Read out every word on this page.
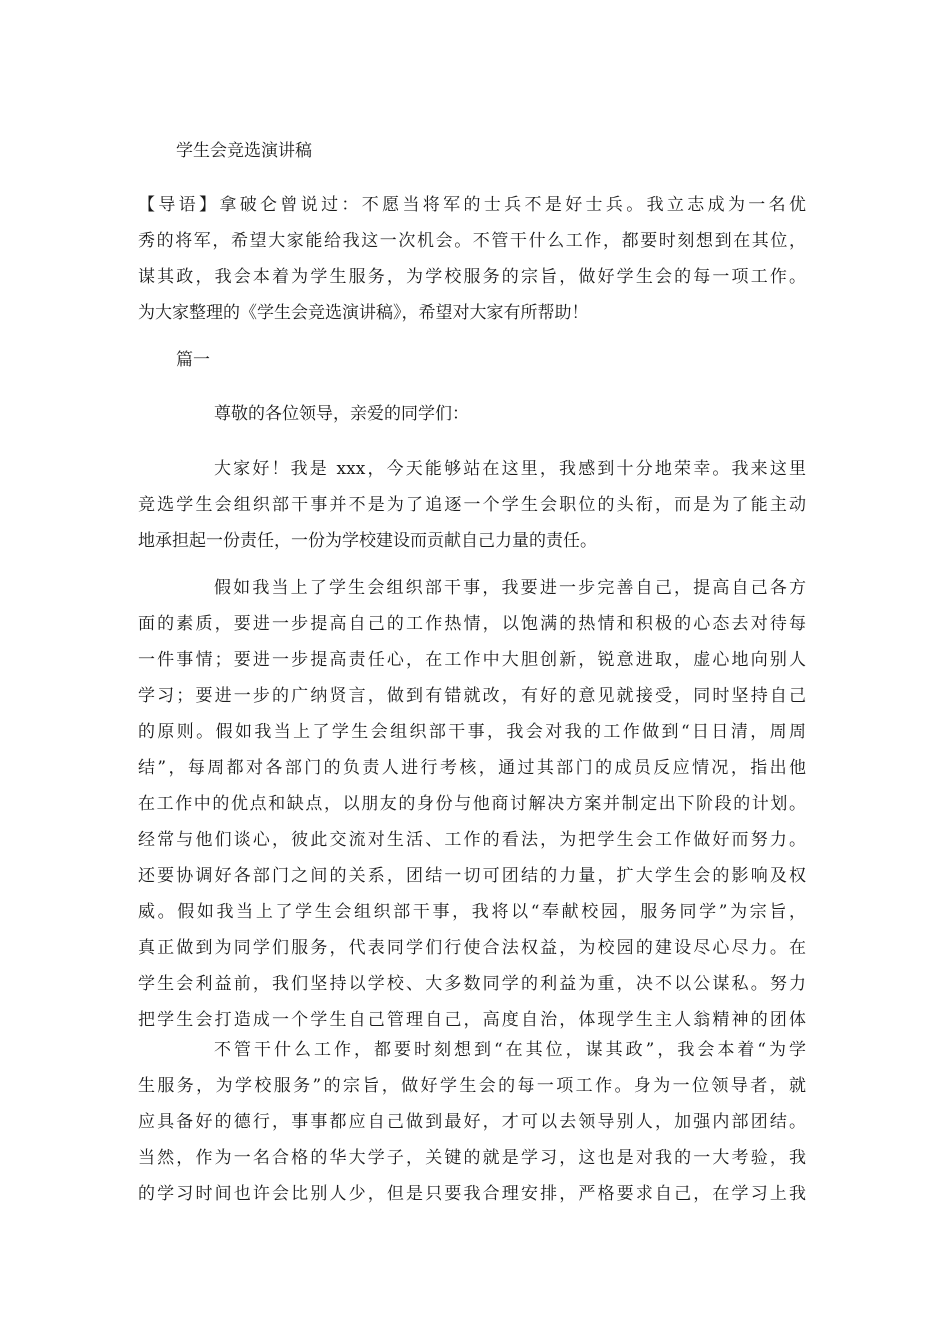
学生会竞选演讲稿
【导语】拿破仑曾说过：不愿当将军的士兵不是好士兵。我立志成为一名优
秀的将军，希望大家能给我这一次机会。不管干什么工作，都要时刻想到在其位，
谋其政，我会本着为学生服务，为学校服务的宗旨，做好学生会的每一项工作。
为大家整理的《学生会竞选演讲稿》，希望对大家有所帮助！
篇一
尊敬的各位领导，亲爱的同学们：
大家好！我是 xxx，今天能够站在这里，我感到十分地荣幸。我来这里
竞选学生会组织部干事并不是为了追逐一个学生会职位的头衔，而是为了能主动
地承担起一份责任，一份为学校建设而贡献自己力量的责任。
假如我当上了学生会组织部干事，我要进一步完善自己，提高自己各方
面的素质，要进一步提高自己的工作热情，以饱满的热情和积极的心态去对待每
一件事情；要进一步提高责任心，在工作中大胆创新，锐意进取，虚心地向别人
学习；要进一步的广纳贤言，做到有错就改，有好的意见就接受，同时坚持自己
的原则。假如我当上了学生会组织部干事，我会对我的工作做到“日日清，周周
结”，每周都对各部门的负责人进行考核，通过其部门的成员反应情况，指出他
在工作中的优点和缺点，以朋友的身份与他商讨解决方案并制定出下阶段的计划。
经常与他们谈心，彼此交流对生活、工作的看法，为把学生会工作做好而努力。
还要协调好各部门之间的关系，团结一切可团结的力量，扩大学生会的影响及权
威。假如我当上了学生会组织部干事，我将以“奉献校园，服务同学”为宗旨，
真正做到为同学们服务，代表同学们行使合法权益，为校园的建设尽心尽力。在
学生会利益前，我们坚持以学校、大多数同学的利益为重，决不以公谋私。努力
把学生会打造成一个学生自己管理自己，高度自治，体现学生主人翁精神的团体
不管干什么工作，都要时刻想到“在其位，谋其政”，我会本着“为学
生服务，为学校服务”的宗旨，做好学生会的每一项工作。身为一位领导者，就
应具备好的德行，事事都应自己做到最好，才可以去领导别人，加强内部团结。
当然，作为一名合格的华大学子，关键的就是学习，这也是对我的一大考验，我
的学习时间也许会比别人少，但是只要我合理安排，严格要求自己，在学习上我
